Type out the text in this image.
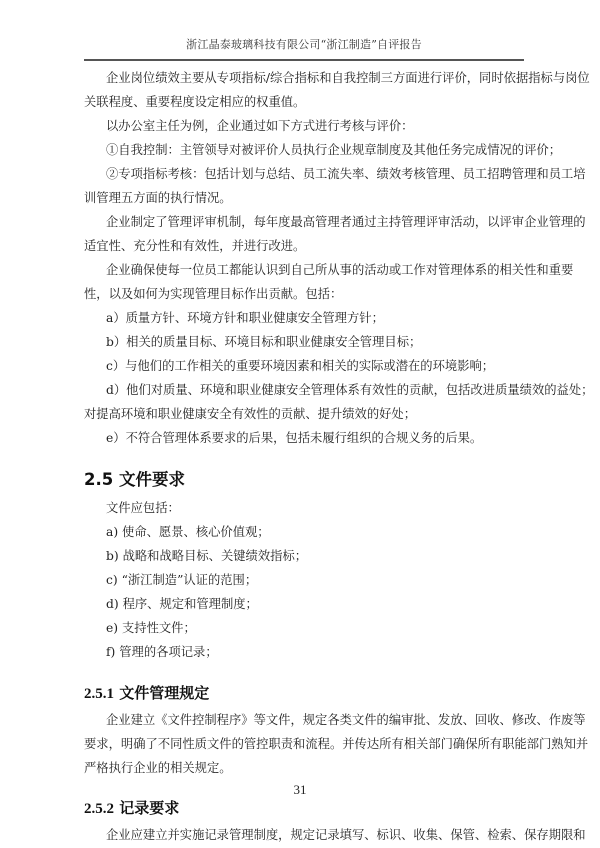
浙江晶泰玻璃科技有限公司“浙江制造”自评报告
企业岗位绩效主要从专项指标/综合指标和自我控制三方面进行评价，同时依据指标与岗位
关联程度、重要程度设定相应的权重值。
以办公室主任为例，企业通过如下方式进行考核与评价：
①自我控制：主管领导对被评价人员执行企业规章制度及其他任务完成情况的评价；
②专项指标考核：包括计划与总结、员工流失率、绩效考核管理、员工招聘管理和员工培
训管理五方面的执行情况。
企业制定了管理评审机制，每年度最高管理者通过主持管理评审活动，以评审企业管理的
适宜性、充分性和有效性，并进行改进。
企业确保使每一位员工都能认识到自己所从事的活动或工作对管理体系的相关性和重要
性，以及如何为实现管理目标作出贡献。包括：
a）质量方针、环境方针和职业健康安全管理方针；
b）相关的质量目标、环境目标和职业健康安全管理目标；
c）与他们的工作相关的重要环境因素和相关的实际或潜在的环境影响；
d）他们对质量、环境和职业健康安全管理体系有效性的贡献，包括改进质量绩效的益处；
对提高环境和职业健康安全有效性的贡献、提升绩效的好处；
e）不符合管理体系要求的后果，包括未履行组织的合规义务的后果。
2.5 文件要求
文件应包括：
a) 使命、愿景、核心价值观；
b) 战略和战略目标、关键绩效指标；
c) “浙江制造”认证的范围；
d) 程序、规定和管理制度；
e) 支持性文件；
f) 管理的各项记录；
2.5.1 文件管理规定
企业建立《文件控制程序》等文件，规定各类文件的编审批、发放、回收、修改、作废等
要求，明确了不同性质文件的管控职责和流程。并传达所有相关部门确保所有职能部门熟知并
严格执行企业的相关规定。
2.5.2 记录要求
企业应建立并实施记录管理制度，规定记录填写、标识、收集、保管、检索、保存期限和
31
